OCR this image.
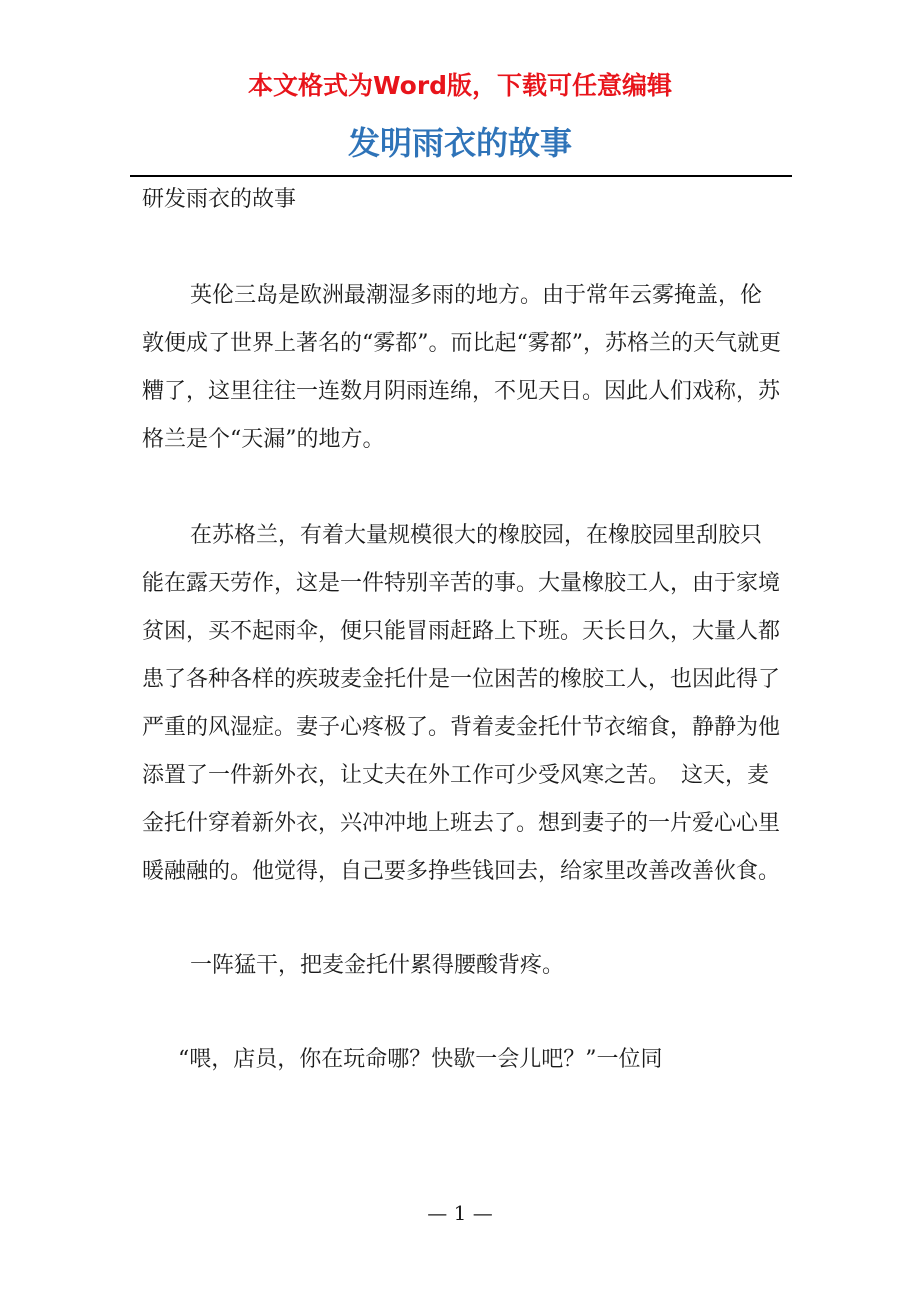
本文格式为Word版，下载可任意编辑
发明雨衣的故事

研发雨衣的故事

英伦三岛是欧洲最潮湿多雨的地方。由于常年云雾掩盖，伦敦便成了世界上著名的“雾都”。而比起“雾都”，苏格兰的天气就更糟了，这里往往一连数月阴雨连绵，不见天日。因此人们戏称，苏格兰是个“天漏”的地方。

在苏格兰，有着大量规模很大的橡胶园，在橡胶园里刮胶只能在露天劳作，这是一件特别辛苦的事。大量橡胶工人，由于家境贫困，买不起雨伞，便只能冒雨赶路上下班。天长日久，大量人都患了各种各样的疾玻麦金托什是一位困苦的橡胶工人，也因此得了严重的风湿症。妻子心疼极了。背着麦金托什节衣缩食，静静为他添置了一件新外衣，让丈夫在外工作可少受风寒之苦。　这天，麦金托什穿着新外衣，兴冲冲地上班去了。想到妻子的一片爱心心里暖融融的。他觉得，自己要多挣些钱回去，给家里改善改善伙食。

一阵猛干，把麦金托什累得腰酸背疼。

“喂，店员，你在玩命哪？快歇一会儿吧？”一位同

— 1 —
